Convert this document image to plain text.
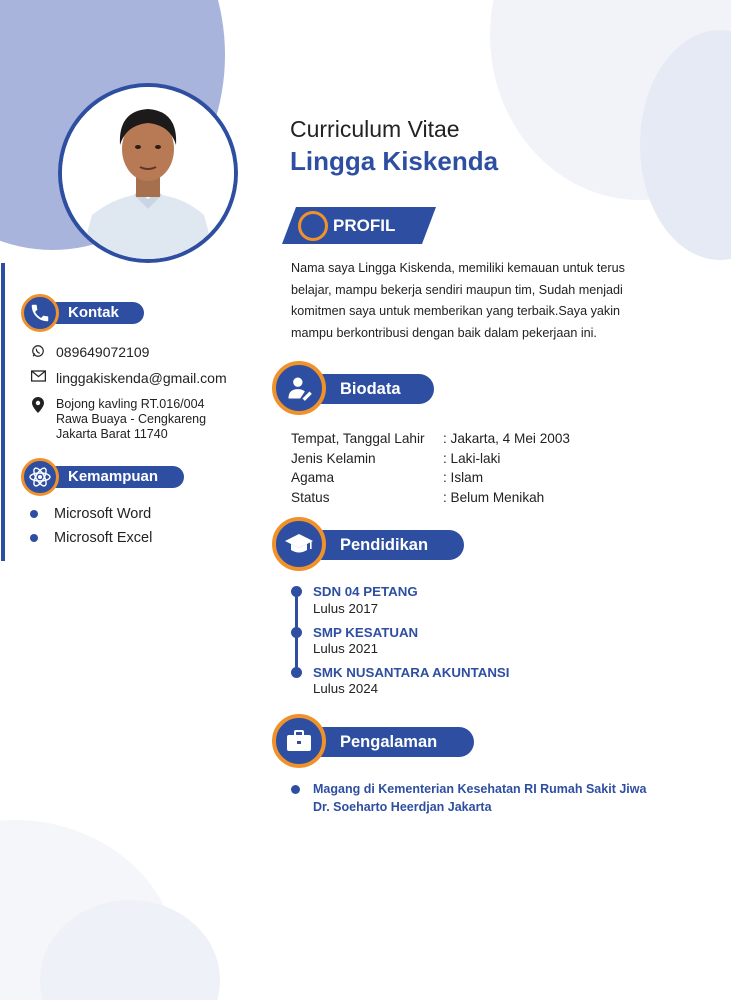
Curriculum Vitae
Lingga Kiskenda
Kontak
089649072109
linggakiskenda@gmail.com
Bojong kavling RT.016/004
Rawa Buaya - Cengkareng
Jakarta Barat 11740
Kemampuan
Microsoft Word
Microsoft Excel
PROFIL
Nama saya Lingga Kiskenda, memiliki kemauan untuk terus
belajar, mampu bekerja sendiri maupun tim, Sudah menjadi
komitmen saya untuk memberikan yang terbaik.Saya yakin
mampu berkontribusi dengan baik dalam pekerjaan ini.
Biodata
Tempat, Tanggal Lahir	: Jakarta, 4 Mei 2003
Jenis Kelamin	: Laki-laki
Agama	: Islam
Status	: Belum Menikah
Pendidikan
SDN 04 PETANG
Lulus 2017
SMP KESATUAN
Lulus 2021
SMK NUSANTARA AKUNTANSI
Lulus 2024
Pengalaman
Magang di Kementerian Kesehatan RI Rumah Sakit Jiwa
Dr. Soeharto Heerdjan Jakarta
